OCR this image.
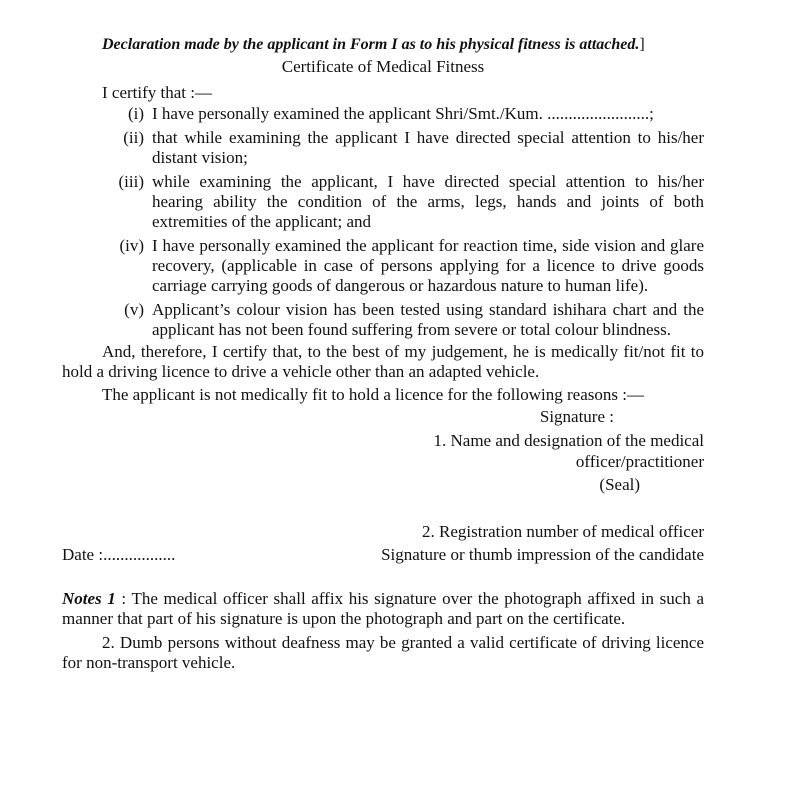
Declaration made by the applicant in Form I as to his physical fitness is attached.]
Certificate of Medical Fitness
I certify that :—
(i) I have personally examined the applicant Shri/Smt./Kum. ........................;
(ii) that while examining the applicant I have directed special attention to his/her distant vision;
(iii) while examining the applicant, I have directed special attention to his/her hearing ability the condition of the arms, legs, hands and joints of both extremities of the applicant; and
(iv) I have personally examined the applicant for reaction time, side vision and glare recovery, (applicable in case of persons applying for a licence to drive goods carriage carrying goods of dangerous or hazardous nature to human life).
(v) Applicant’s colour vision has been tested using standard ishihara chart and the applicant has not been found suffering from severe or total colour blindness.
And, therefore, I certify that, to the best of my judgement, he is medically fit/not fit to hold a driving licence to drive a vehicle other than an adapted vehicle.
The applicant is not medically fit to hold a licence for the following reasons :—
Signature :
1. Name and designation of the medical
officer/practitioner
(Seal)
2. Registration number of medical officer
Date :.................	Signature or thumb impression of the candidate
Notes 1 : The medical officer shall affix his signature over the photograph affixed in such a manner that part of his signature is upon the photograph and part on the certificate.
2. Dumb persons without deafness may be granted a valid certificate of driving licence for non-transport vehicle.
